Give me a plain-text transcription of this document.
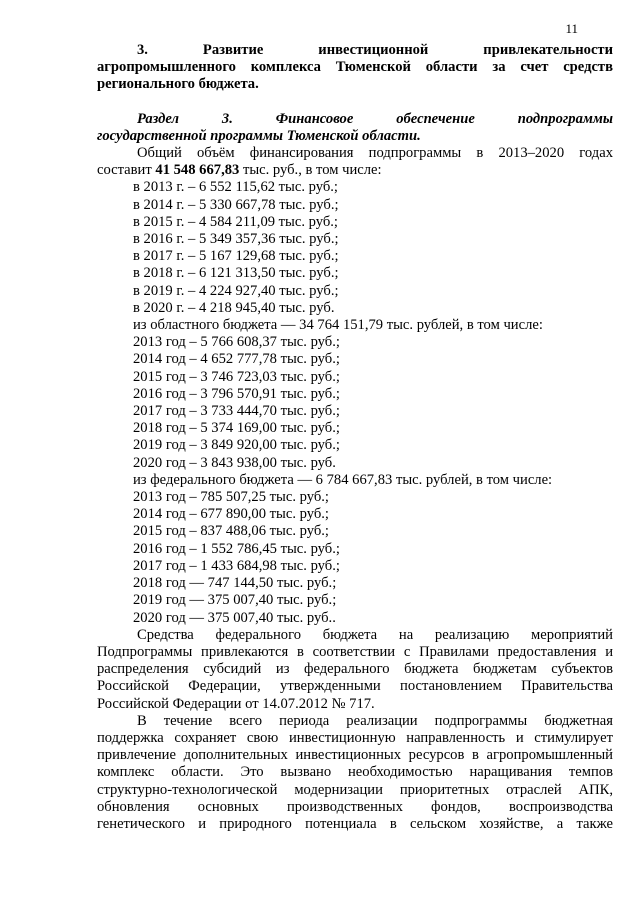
11
3. Развитие инвестиционной привлекательности
агропромышленного комплекса Тюменской области за счет средств
регионального бюджета.
Раздел 3. Финансовое обеспечение подпрограммы
государственной программы Тюменской области.
Общий объём финансирования подпрограммы в 2013–2020 годах
составит 41 548 667,83 тыс. руб., в том числе:
в 2013 г. – 6 552 115,62 тыс. руб.;
в 2014 г. – 5 330 667,78 тыс. руб.;
в 2015 г. – 4 584 211,09 тыс. руб.;
в 2016 г. – 5 349 357,36 тыс. руб.;
в 2017 г. – 5 167 129,68 тыс. руб.;
в 2018 г. – 6 121 313,50 тыс. руб.;
в 2019 г. – 4 224 927,40 тыс. руб.;
в 2020 г. – 4 218 945,40 тыс. руб.
из областного бюджета — 34 764 151,79 тыс. рублей, в том числе:
2013 год – 5 766 608,37 тыс. руб.;
2014 год – 4 652 777,78 тыс. руб.;
2015 год – 3 746 723,03 тыс. руб.;
2016 год – 3 796 570,91 тыс. руб.;
2017 год – 3 733 444,70 тыс. руб.;
2018 год – 5 374 169,00 тыс. руб.;
2019 год – 3 849 920,00 тыс. руб.;
2020 год – 3 843 938,00 тыс. руб.
из федерального бюджета — 6 784 667,83 тыс. рублей, в том числе:
2013 год – 785 507,25 тыс. руб.;
2014 год – 677 890,00 тыс. руб.;
2015 год – 837 488,06 тыс. руб.;
2016 год – 1 552 786,45 тыс. руб.;
2017 год – 1 433 684,98 тыс. руб.;
2018 год — 747 144,50 тыс. руб.;
2019 год — 375 007,40 тыс. руб.;
2020 год — 375 007,40 тыс. руб..
Средства федерального бюджета на реализацию мероприятий
Подпрограммы привлекаются в соответствии с Правилами предоставления и
распределения субсидий из федерального бюджета бюджетам субъектов
Российской Федерации, утвержденными постановлением Правительства
Российской Федерации от 14.07.2012 № 717.
В течение всего периода реализации подпрограммы бюджетная
поддержка сохраняет свою инвестиционную направленность и стимулирует
привлечение дополнительных инвестиционных ресурсов в агропромышленный
комплекс области. Это вызвано необходимостью наращивания темпов
структурно-технологической модернизации приоритетных отраслей АПК,
обновления основных производственных фондов, воспроизводства
генетического и природного потенциала в сельском хозяйстве, а также
